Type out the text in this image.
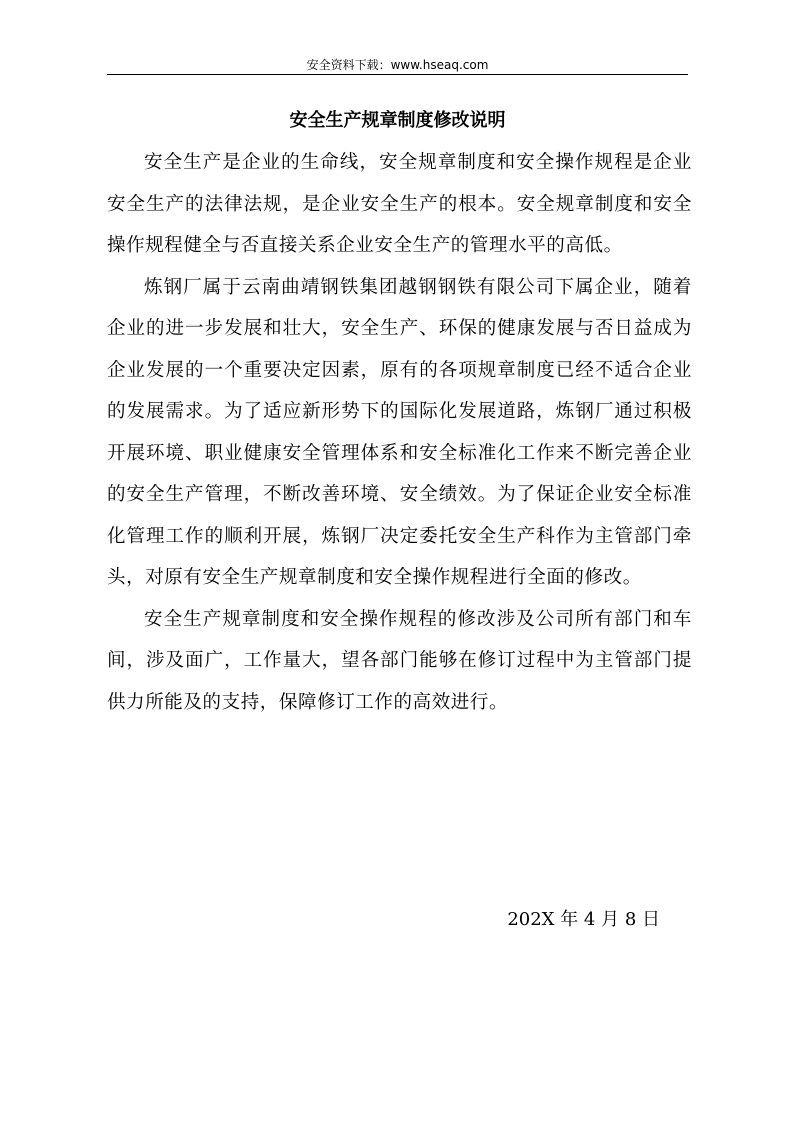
安全资料下载：www.hseaq.com
安全生产规章制度修改说明

安全生产是企业的生命线，安全规章制度和安全操作规程是企业安全生产的法律法规，是企业安全生产的根本。安全规章制度和安全操作规程健全与否直接关系企业安全生产的管理水平的高低。

炼钢厂属于云南曲靖钢铁集团越钢钢铁有限公司下属企业，随着企业的进一步发展和壮大，安全生产、环保的健康发展与否日益成为企业发展的一个重要决定因素，原有的各项规章制度已经不适合企业的发展需求。为了适应新形势下的国际化发展道路，炼钢厂通过积极开展环境、职业健康安全管理体系和安全标准化工作来不断完善企业的安全生产管理，不断改善环境、安全绩效。为了保证企业安全标准化管理工作的顺利开展，炼钢厂决定委托安全生产科作为主管部门牵头，对原有安全生产规章制度和安全操作规程进行全面的修改。

安全生产规章制度和安全操作规程的修改涉及公司所有部门和车间，涉及面广，工作量大，望各部门能够在修订过程中为主管部门提供力所能及的支持，保障修订工作的高效进行。

202X 年 4 月 8 日
